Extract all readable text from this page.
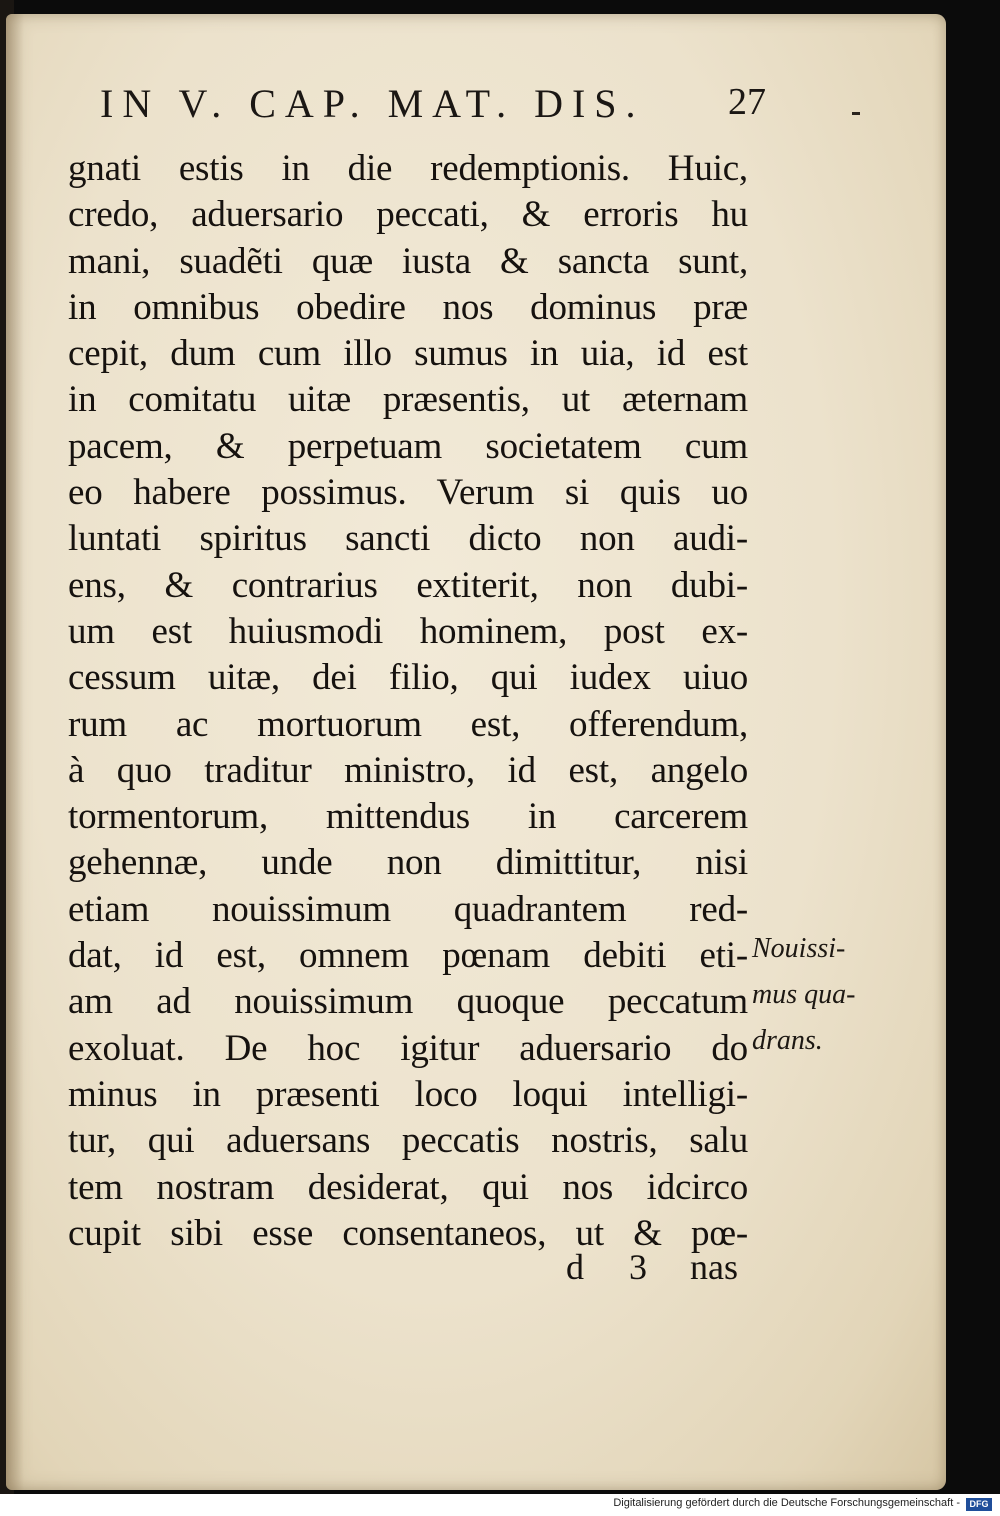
IN V. CAP. MAT. DIS. 27
gnati estis in die redemptionis. Huic,
credo, aduersario peccati, & erroris hu
mani, suadẽti quæ iusta & sancta sunt,
in omnibus obedire nos dominus præ
cepit, dum cum illo sumus in uia, id est
in comitatu uitæ præsentis, ut æternam
pacem, & perpetuam societatem cum
eo habere possimus. Verum si quis uo
luntati spiritus sancti dicto non audi-
ens, & contrarius extiterit, non dubi-
um est huiusmodi hominem, post ex-
cessum uitæ, dei filio, qui iudex uiuo
rum ac mortuorum est, offerendum,
à quo traditur ministro, id est, angelo
tormentorum, mittendus in carcerem
gehennæ, unde non dimittitur, nisi
etiam nouissimum quadrantem red-
dat, id est, omnem pœnam debiti eti-
am ad nouissimum quoque peccatum
exoluat. De hoc igitur aduersario do
minus in præsenti loco loqui intelligi-
tur, qui aduersans peccatis nostris, salu
tem nostram desiderat, qui nos idcirco
cupit sibi esse consentaneos, ut & pœ-
Nouissi-
mus qua-
drans.
d 3 nas
Digitalisierung gefördert durch die Deutsche Forschungsgemeinschaft -	DFG
